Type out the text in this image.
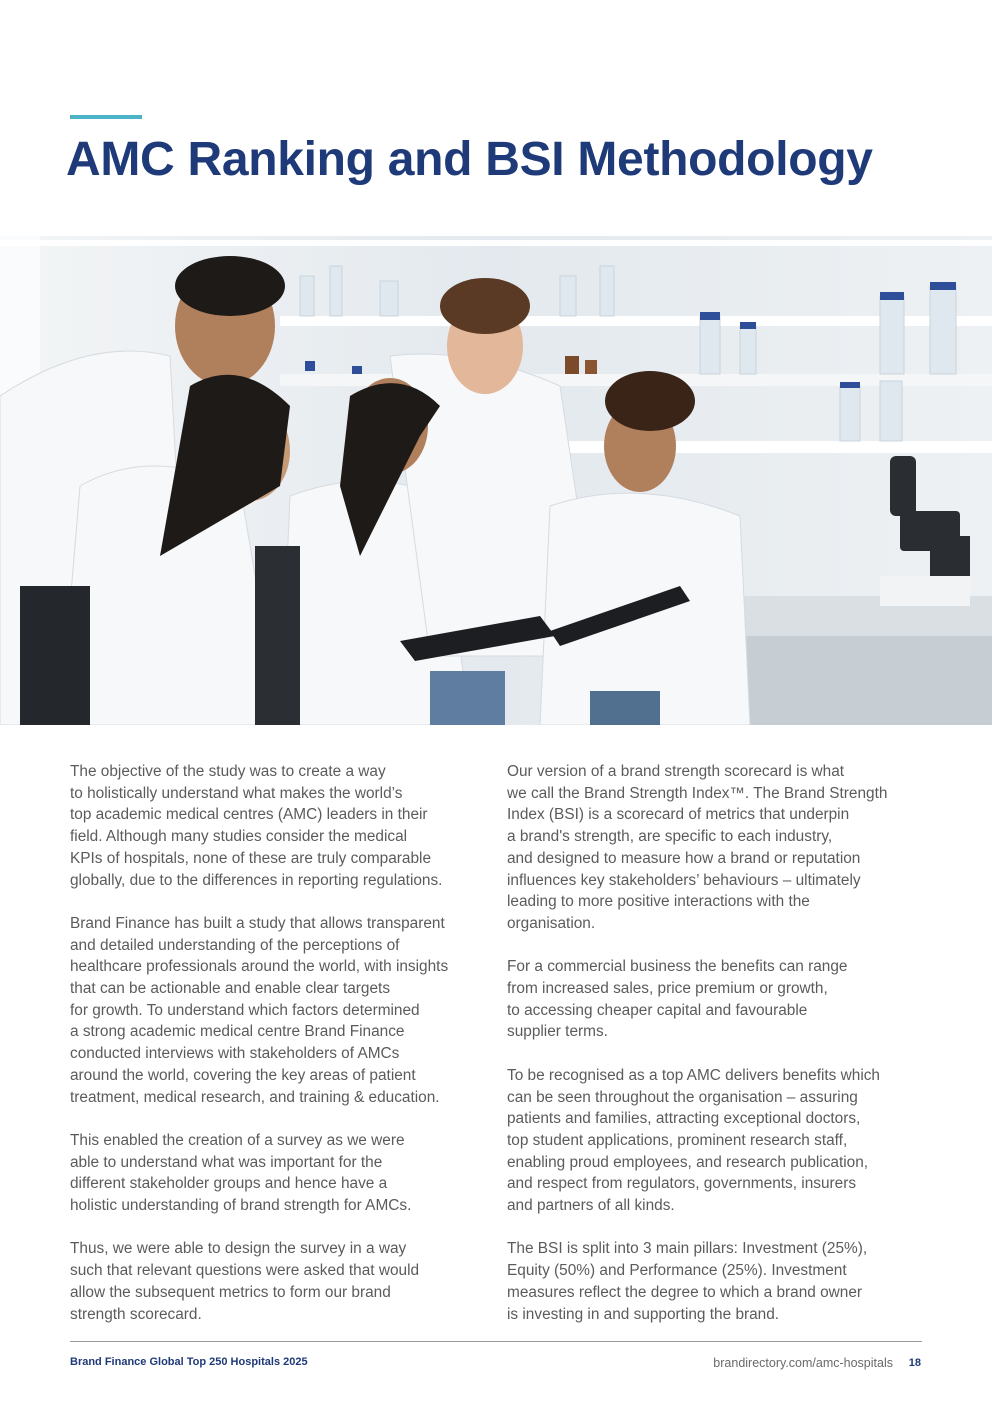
AMC Ranking and BSI Methodology

The objective of the study was to create a way
to holistically understand what makes the world’s
top academic medical centres (AMC) leaders in their
field. Although many studies consider the medical
KPIs of hospitals, none of these are truly comparable
globally, due to the differences in reporting regulations.

Brand Finance has built a study that allows transparent
and detailed understanding of the perceptions of
healthcare professionals around the world, with insights
that can be actionable and enable clear targets
for growth. To understand which factors determined
a strong academic medical centre Brand Finance
conducted interviews with stakeholders of AMCs
around the world, covering the key areas of patient
treatment, medical research, and training & education.

This enabled the creation of a survey as we were
able to understand what was important for the
different stakeholder groups and hence have a
holistic understanding of brand strength for AMCs.

Thus, we were able to design the survey in a way
such that relevant questions were asked that would
allow the subsequent metrics to form our brand
strength scorecard.

Our version of a brand strength scorecard is what
we call the Brand Strength Index™. The Brand Strength
Index (BSI) is a scorecard of metrics that underpin
a brand's strength, are specific to each industry,
and designed to measure how a brand or reputation
influences key stakeholders’ behaviours – ultimately
leading to more positive interactions with the
organisation.

For a commercial business the benefits can range
from increased sales, price premium or growth,
to accessing cheaper capital and favourable
supplier terms.

To be recognised as a top AMC delivers benefits which
can be seen throughout the organisation – assuring
patients and families, attracting exceptional doctors,
top student applications, prominent research staff,
enabling proud employees, and research publication,
and respect from regulators, governments, insurers
and partners of all kinds.

The BSI is split into 3 main pillars: Investment (25%),
Equity (50%) and Performance (25%). Investment
measures reflect the degree to which a brand owner
is investing in and supporting the brand.

Brand Finance Global Top 250 Hospitals 2025	brandirectory.com/amc-hospitals 18
